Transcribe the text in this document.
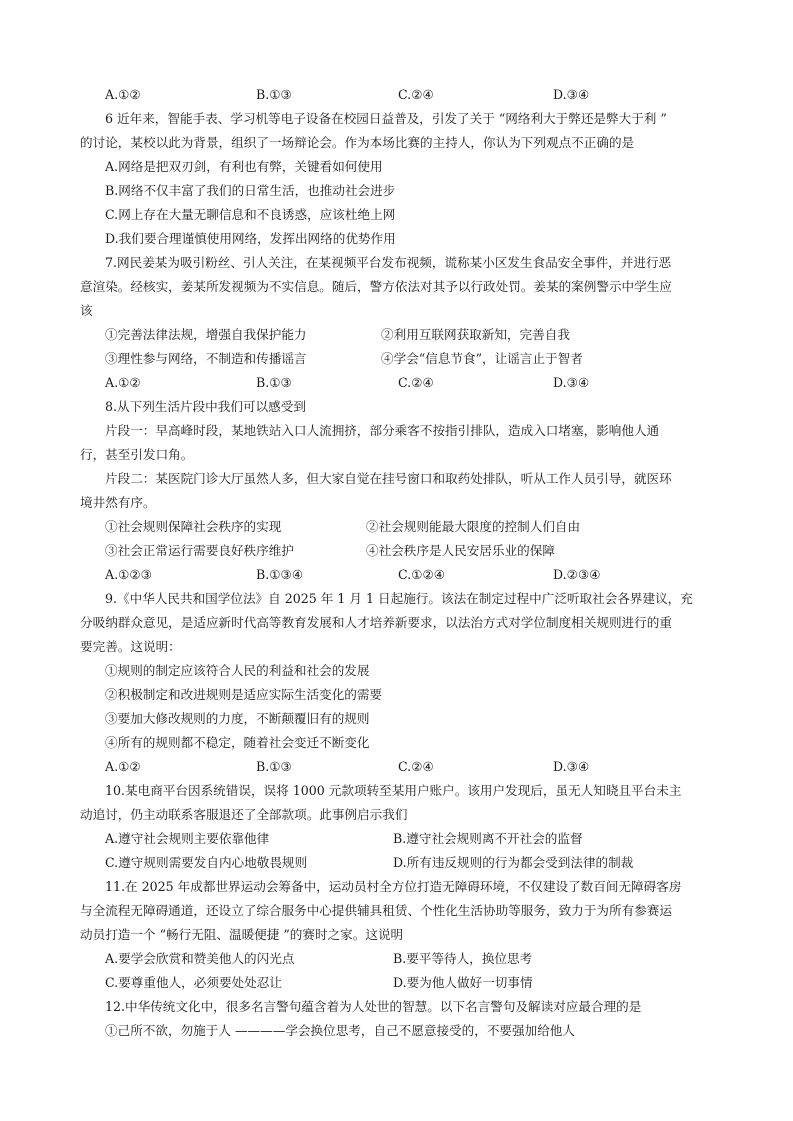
A.①②	B.①③	C.②④	D.③④
6 近年来，智能手表、学习机等电子设备在校园日益普及，引发了关于 “网络利大于弊还是弊大于利 ”
的讨论，某校以此为背景，组织了一场辩论会。作为本场比赛的主持人，你认为下列观点不正确的是
A.网络是把双刃剑，有利也有弊，关键看如何使用
B.网络不仅丰富了我们的日常生活，也推动社会进步
C.网上存在大量无聊信息和不良诱惑，应该杜绝上网
D.我们要合理谨慎使用网络，发挥出网络的优势作用
7.网民姜某为吸引粉丝、引人关注，在某视频平台发布视频，谎称某小区发生食品安全事件，并进行恶
意渲染。经核实，姜某所发视频为不实信息。随后，警方依法对其予以行政处罚。姜某的案例警示中学生应
该
①完善法律法规，增强自我保护能力	②利用互联网获取新知，完善自我
③理性参与网络，不制造和传播谣言	④学会“信息节食”，让谣言止于智者
A.①②	B.①③	C.②④	D.③④
8.从下列生活片段中我们可以感受到
片段一：早高峰时段，某地铁站入口人流拥挤，部分乘客不按指引排队，造成入口堵塞，影响他人通
行，甚至引发口角。
片段二：某医院门诊大厅虽然人多，但大家自觉在挂号窗口和取药处排队，听从工作人员引导，就医环
境井然有序。
①社会规则保障社会秩序的实现	②社会规则能最大限度的控制人们自由
③社会正常运行需要良好秩序维护	④社会秩序是人民安居乐业的保障
A.①②③	B.①③④	C.①②④	D.②③④
9.《中华人民共和国学位法》自 2025 年 1 月 1 日起施行。该法在制定过程中广泛听取社会各界建议，充
分吸纳群众意见，是适应新时代高等教育发展和人才培养新要求，以法治方式对学位制度相关规则进行的重
要完善。这说明：
①规则的制定应该符合人民的利益和社会的发展
②积极制定和改进规则是适应实际生活变化的需要
③要加大修改规则的力度，不断颠覆旧有的规则
④所有的规则都不稳定，随着社会变迁不断变化
A.①②	B.①③	C.②④	D.③④
10.某电商平台因系统错误，误将 1000 元款项转至某用户账户。该用户发现后，虽无人知晓且平台未主
动追讨，仍主动联系客服退还了全部款项。此事例启示我们
A.遵守社会规则主要依靠他律	B.遵守社会规则离不开社会的监督
C.遵守规则需要发自内心地敬畏规则	D.所有违反规则的行为都会受到法律的制裁
11.在 2025 年成都世界运动会筹备中，运动员村全方位打造无障碍环境，不仅建设了数百间无障碍客房
与全流程无障碍通道，还设立了综合服务中心提供辅具租赁、个性化生活协助等服务，致力于为所有参赛运
动员打造一个 “畅行无阻、温暖便捷 ”的赛时之家。这说明
A.要学会欣赏和赞美他人的闪光点	B.要平等待人，换位思考
C.要尊重他人，必须要处处忍让	D.要为他人做好一切事情
12.中华传统文化中，很多名言警句蕴含着为人处世的智慧。以下名言警句及解读对应最合理的是
①己所不欲，勿施于人 ————学会换位思考，自己不愿意接受的，不要强加给他人
